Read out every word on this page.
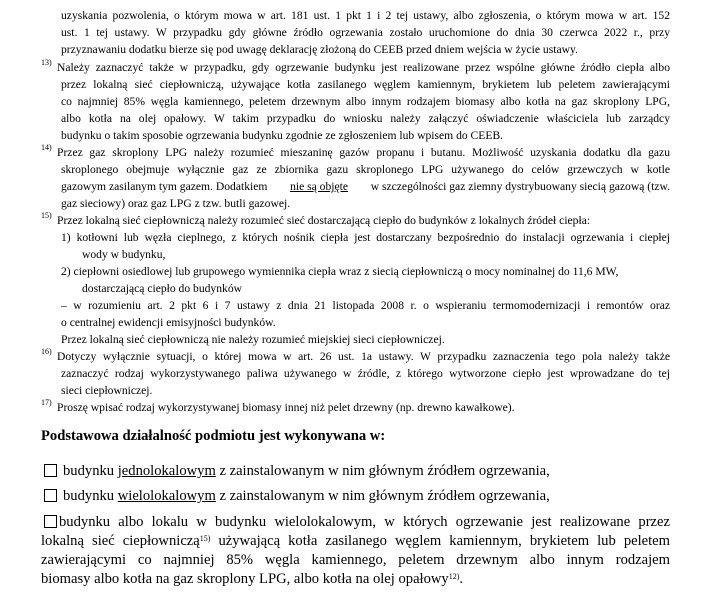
uzyskania pozwolenia, o którym mowa w art. 181 ust. 1 pkt 1 i 2 tej ustawy, albo zgłoszenia, o którym mowa w art. 152
ust. 1 tej ustawy. W przypadku gdy główne źródło ogrzewania zostało uruchomione do dnia 30 czerwca 2022 r., przy
przyznawaniu dodatku bierze się pod uwagę deklarację złożoną do CEEB przed dniem wejścia w życie ustawy.
$^{13)}$ Należy zaznaczyć także w przypadku, gdy ogrzewanie budynku jest realizowane przez wspólne główne źródło ciepła albo
przez lokalną sieć ciepłowniczą, używające kotła zasilanego węglem kamiennym, brykietem lub peletem zawierającymi
co najmniej 85% węgla kamiennego, peletem drzewnym albo innym rodzajem biomasy albo kotła na gaz skroplony LPG,
albo kotła na olej opałowy. W takim przypadku do wniosku należy załączyć oświadczenie właściciela lub zarządcy
budynku o takim sposobie ogrzewania budynku zgodnie ze zgłoszeniem lub wpisem do CEEB.
$^{14)}$ Przez gaz skroplony LPG należy rozumieć mieszaninę gazów propanu i butanu. Możliwość uzyskania dodatku dla gazu
skroplonego obejmuje wyłącznie gaz ze zbiornika gazu skroplonego LPG używanego do celów grzewczych w kotle
gazowym zasilanym tym gazem. Dodatkiem nie są objęte w szczególności gaz ziemny dystrybuowany siecią gazową (tzw.
gaz sieciowy) oraz gaz LPG z tzw. butli gazowej.
$^{15)}$ Przez lokalną sieć ciepłowniczą należy rozumieć sieć dostarczającą ciepło do budynków z lokalnych źródeł ciepła:
1) kotłowni lub węzła cieplnego, z których nośnik ciepła jest dostarczany bezpośrednio do instalacji ogrzewania i ciepłej
wody w budynku,
2) ciepłowni osiedlowej lub grupowego wymiennika ciepła wraz z siecią ciepłowniczą o mocy nominalnej do 11,6 MW,
dostarczającą ciepło do budynków
– w rozumieniu art. 2 pkt 6 i 7 ustawy z dnia 21 listopada 2008 r. o wspieraniu termomodernizacji i remontów oraz
o centralnej ewidencji emisyjności budynków.
Przez lokalną sieć ciepłowniczą nie należy rozumieć miejskiej sieci ciepłowniczej.
$^{16)}$ Dotyczy wyłącznie sytuacji, o której mowa w art. 26 ust. 1a ustawy. W przypadku zaznaczenia tego pola należy także
zaznaczyć rodzaj wykorzystywanego paliwa używanego w źródle, z którego wytworzone ciepło jest wprowadzane do tej
sieci ciepłowniczej.
$^{17)}$ Proszę wpisać rodzaj wykorzystywanej biomasy innej niż pelet drzewny (np. drewno kawałkowe).
Podstawowa działalność podmiotu jest wykonywana w:
budynku jednolokalowym z zainstalowanym w nim głównym źródłem ogrzewania,
budynku wielolokalowym z zainstalowanym w nim głównym źródłem ogrzewania,
budynku albo lokalu w budynku wielolokalowym, w których ogrzewanie jest realizowane przez
lokalną sieć ciepłowniczą$^{15)}$ używającą kotła zasilanego węglem kamiennym, brykietem lub peletem
zawierającymi co najmniej 85% węgla kamiennego, peletem drzewnym albo innym rodzajem
biomasy albo kotła na gaz skroplony LPG, albo kotła na olej opałowy$^{12)}$.
